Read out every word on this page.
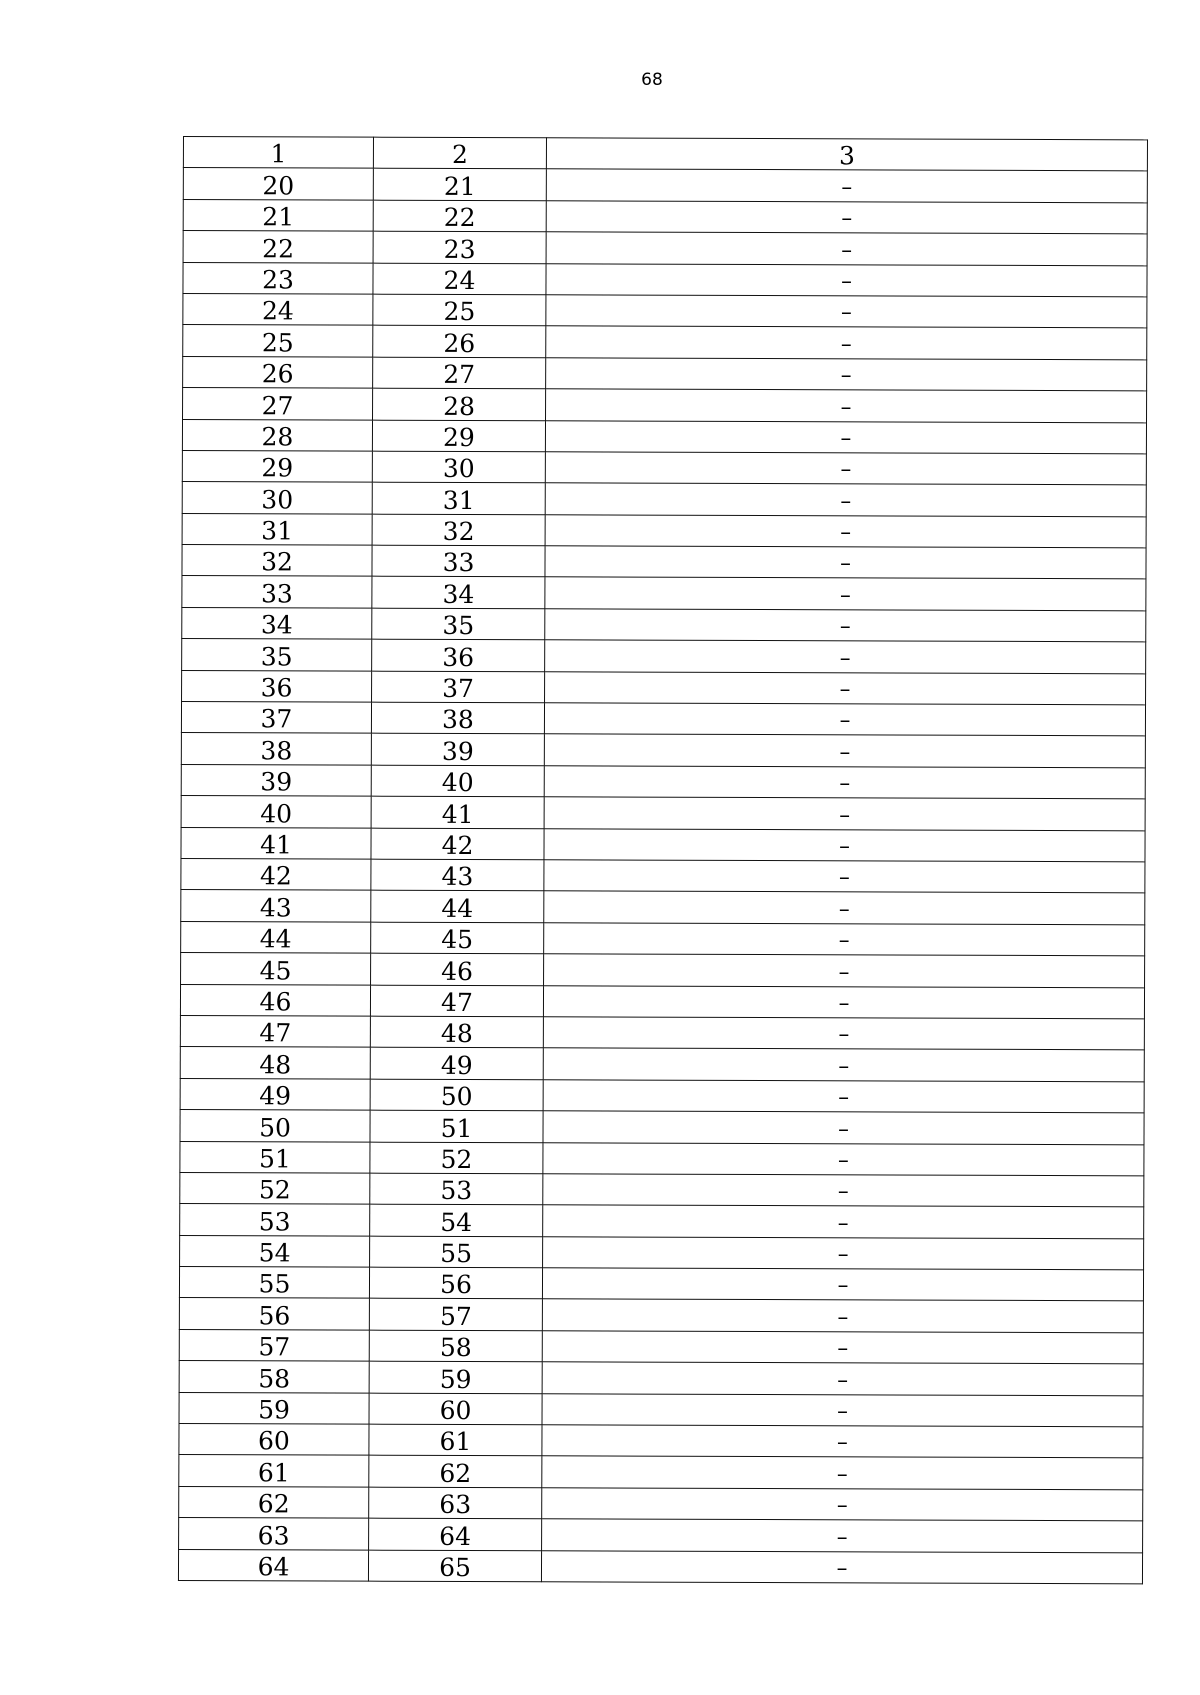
68
1	2	3
20	21	–
21	22	–
22	23	–
23	24	–
24	25	–
25	26	–
26	27	–
27	28	–
28	29	–
29	30	–
30	31	–
31	32	–
32	33	–
33	34	–
34	35	–
35	36	–
36	37	–
37	38	–
38	39	–
39	40	–
40	41	–
41	42	–
42	43	–
43	44	–
44	45	–
45	46	–
46	47	–
47	48	–
48	49	–
49	50	–
50	51	–
51	52	–
52	53	–
53	54	–
54	55	–
55	56	–
56	57	–
57	58	–
58	59	–
59	60	–
60	61	–
61	62	–
62	63	–
63	64	–
64	65	–
